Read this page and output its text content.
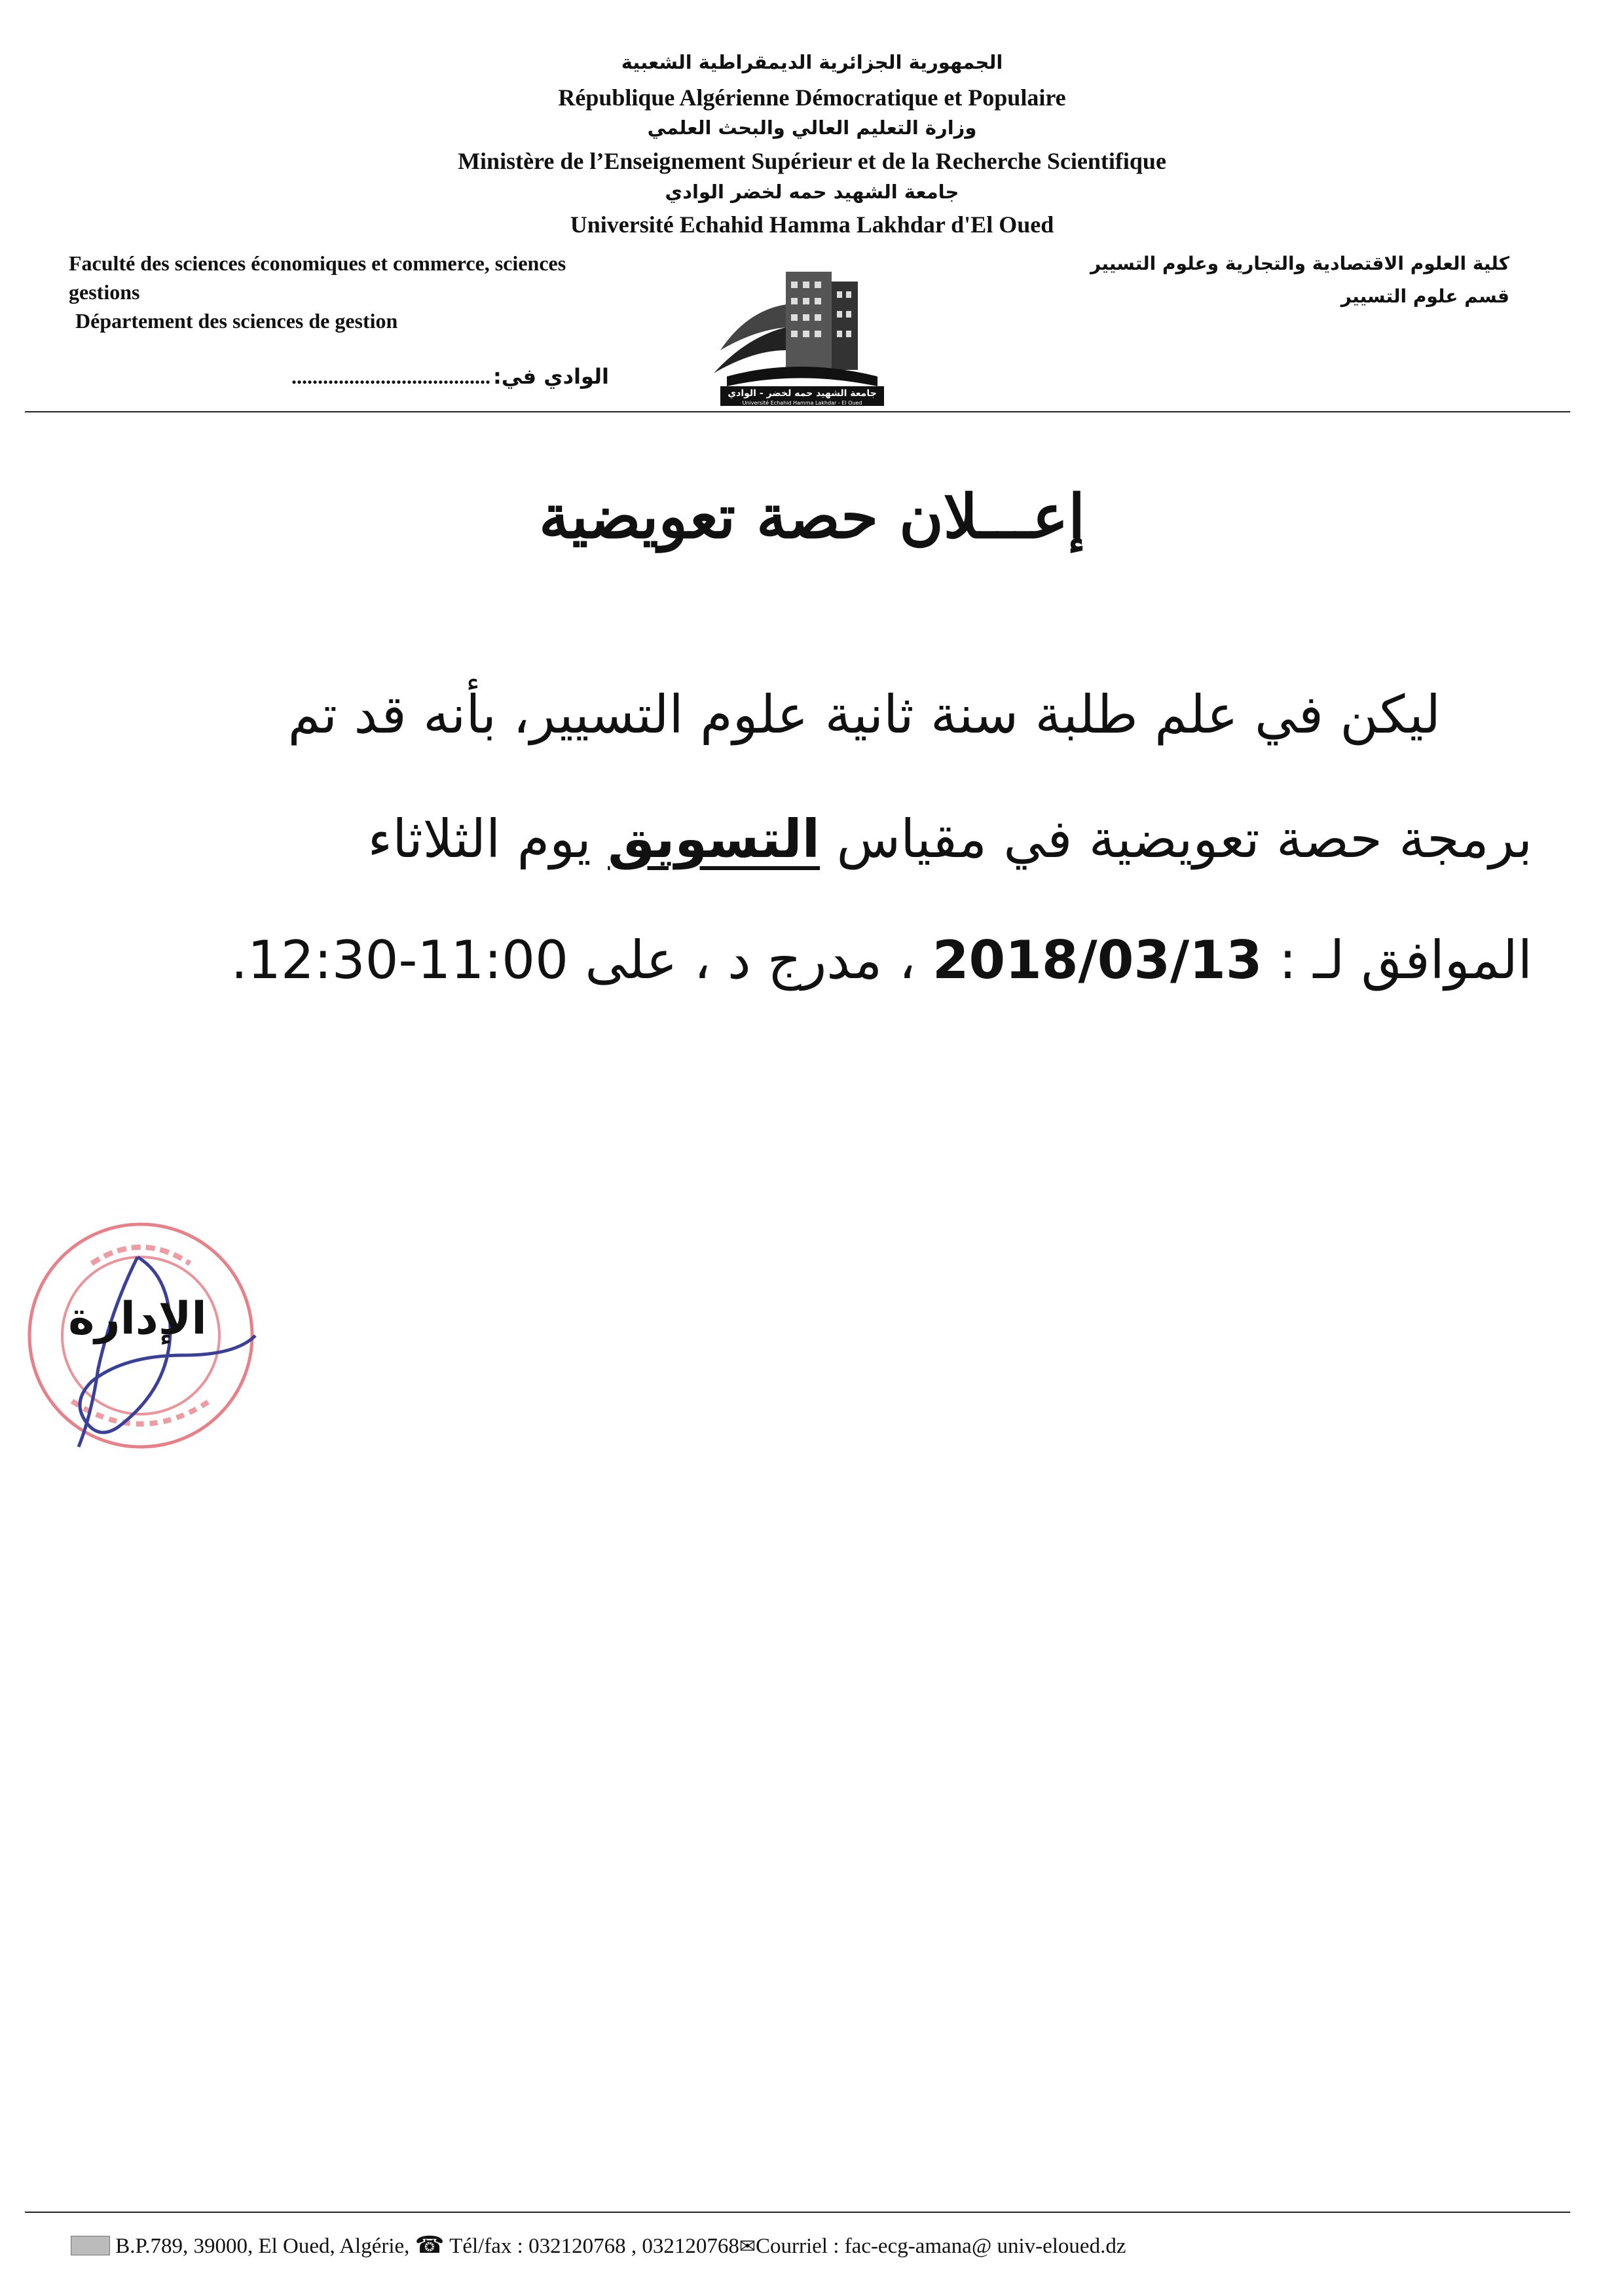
الجمهورية الجزائرية الديمقراطية الشعبية
République Algérienne Démocratique et Populaire
وزارة التعليم العالي والبحث العلمي
Ministère de l’Enseignement Supérieur et de la Recherche Scientifique
جامعة الشهيد حمه لخضر الوادي
Université Echahid Hamma Lakhdar d'El Oued
Faculté des sciences économiques et commerce, sciences
gestions
Département des sciences de gestion
الوادي في: ......................................
كلية العلوم الاقتصادية والتجارية وعلوم التسيير
قسم علوم التسيير
جامعة الشهيد حمه لخضر - الوادي
Université Echahid Hamma Lakhdar - El Oued
إعـــلان حصة تعويضية
ليكن في علم طلبة سنة ثانية علوم التسيير، بأنه قد تم
برمجة حصة تعويضية في مقياس التسويق يوم الثلاثاء
الموافق لـ : 2018/03/13 ، مدرج د ، على 12:30-11:00.
الإدارة
B.P.789, 39000, El Oued, Algérie, ☎ Tél/fax : 032120768 , 032120768✉Courriel : fac-ecg-amana@ univ-eloued.dz
